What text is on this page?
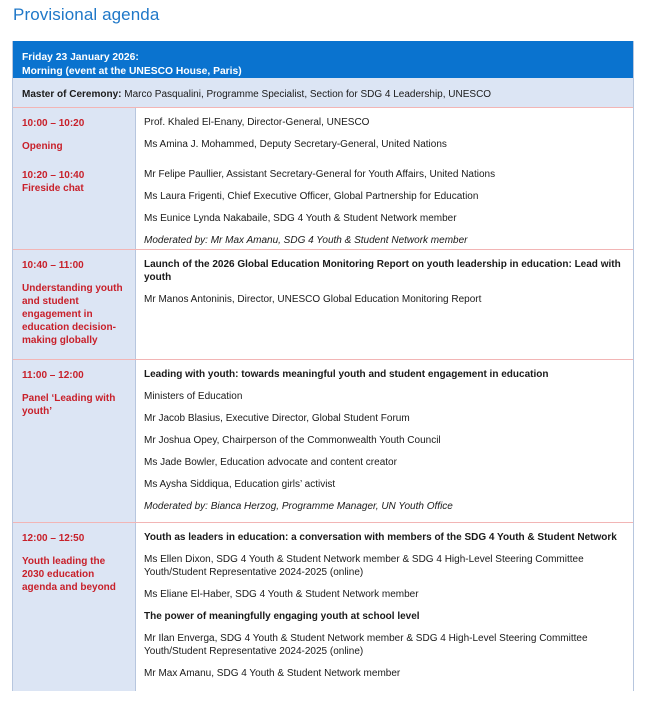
Provisional agenda
Friday 23 January 2026:
Morning (event at the UNESCO House, Paris)
Master of Ceremony: Marco Pasqualini, Programme Specialist, Section for SDG 4 Leadership, UNESCO
10:00 – 10:20
Opening
10:20 – 10:40
Fireside chat
Prof. Khaled El-Enany, Director-General, UNESCO
Ms Amina J. Mohammed, Deputy Secretary-General, United Nations
Mr Felipe Paullier, Assistant Secretary-General for Youth Affairs, United Nations
Ms Laura Frigenti, Chief Executive Officer, Global Partnership for Education
Ms Eunice Lynda Nakabaile, SDG 4 Youth & Student Network member
Moderated by: Mr Max Amanu, SDG 4 Youth & Student Network member
10:40 – 11:00
Understanding youth and student engagement in education decision-making globally
Launch of the 2026 Global Education Monitoring Report on youth leadership in education: Lead with youth
Mr Manos Antoninis, Director, UNESCO Global Education Monitoring Report
11:00 – 12:00
Panel ‘Leading with youth’
Leading with youth: towards meaningful youth and student engagement in education
Ministers of Education
Mr Jacob Blasius, Executive Director, Global Student Forum
Mr Joshua Opey, Chairperson of the Commonwealth Youth Council
Ms Jade Bowler, Education advocate and content creator
Ms Aysha Siddiqua, Education girls’ activist
Moderated by: Bianca Herzog, Programme Manager, UN Youth Office
12:00 – 12:50
Youth leading the 2030 education agenda and beyond
Youth as leaders in education: a conversation with members of the SDG 4 Youth & Student Network
Ms Ellen Dixon, SDG 4 Youth & Student Network member & SDG 4 High-Level Steering Committee Youth/Student Representative 2024-2025 (online)
Ms Eliane El-Haber, SDG 4 Youth & Student Network member
The power of meaningfully engaging youth at school level
Mr Ilan Enverga, SDG 4 Youth & Student Network member & SDG 4 High-Level Steering Committee Youth/Student Representative 2024-2025 (online)
Mr Max Amanu, SDG 4 Youth & Student Network member
